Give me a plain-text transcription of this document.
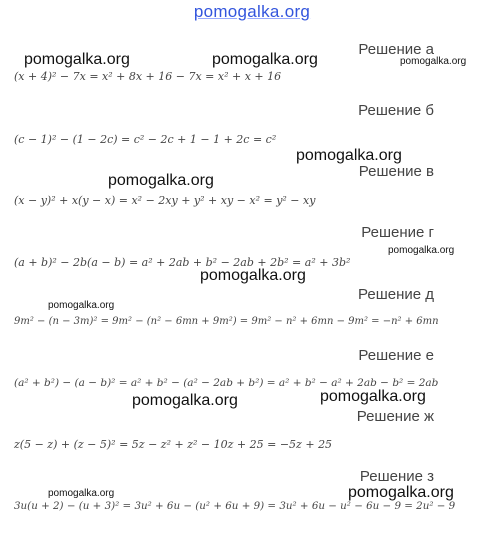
pomogalka.org
Решение а
(x + 4)² − 7x = x² + 8x + 16 − 7x = x² + x + 16
Решение б
(c − 1)² − (1 − 2c) = c² − 2c + 1 − 1 + 2c = c²
Решение в
(x − y)² + x(y − x) = x² − 2xy + y² + xy − x² = y² − xy
Решение г
(a + b)² − 2b(a − b) = a² + 2ab + b² − 2ab + 2b² = a² + 3b²
Решение д
9m² − (n − 3m)² = 9m² − (n² − 6mn + 9m²) = 9m² − n² + 6mn − 9m² = −n² + 6mn
Решение е
(a² + b²) − (a − b)² = a² + b² − (a² − 2ab + b²) = a² + b² − a² + 2ab − b² = 2ab
Решение ж
z(5 − z) + (z − 5)² = 5z − z² + z² − 10z + 25 = −5z + 25
Решение з
3u(u + 2) − (u + 3)² = 3u² + 6u − (u² + 6u + 9) = 3u² + 6u − u² − 6u − 9 = 2u² − 9
pomogalka.org	pomogalka.org	pomogalka.org
pomogalka.org
pomogalka.org
pomogalka.org
pomogalka.org
pomogalka.org
pomogalka.org
pomogalka.org
pomogalka.org
pomogalka.org
